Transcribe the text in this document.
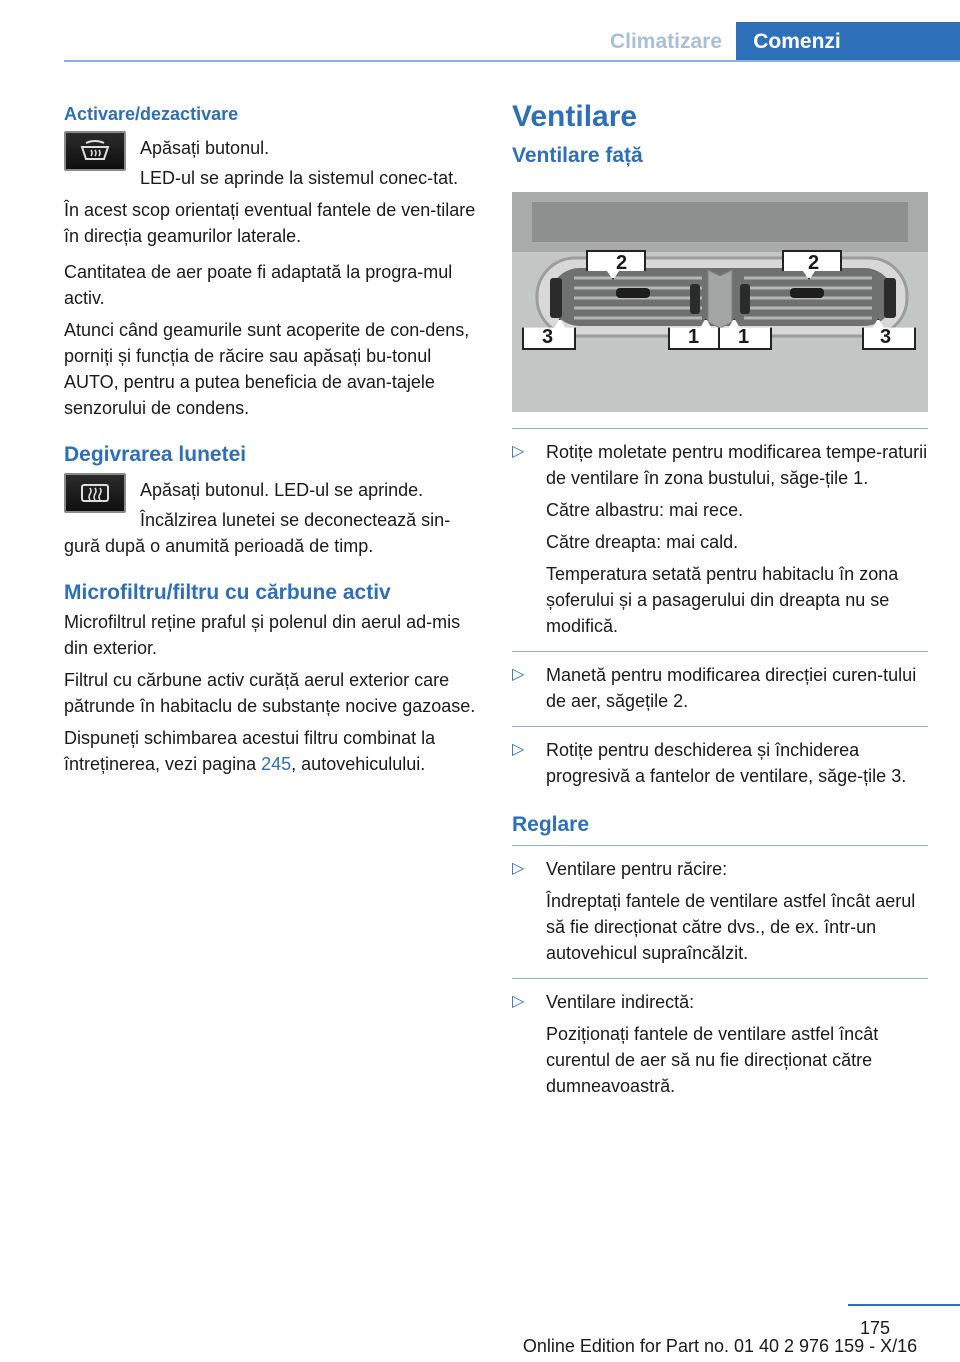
Climatizare	Comenzi
Activare/dezactivare

Apăsați butonul.

LED-ul se aprinde la sistemul conec-tat.

În acest scop orientați eventual fantele de ven-tilare în direcția geamurilor laterale.

Cantitatea de aer poate fi adaptată la progra-mul activ.

Atunci când geamurile sunt acoperite de con-dens, porniți și funcția de răcire sau apăsați bu-tonul AUTO, pentru a putea beneficia de avan-tajele senzorului de condens.

Degivrarea lunetei

Apăsați butonul. LED-ul se aprinde.

Încălzirea lunetei se deconectează sin-gură după o anumită perioadă de timp.

Microfiltru/filtru cu cărbune activ

Microfiltrul reține praful și polenul din aerul ad-mis din exterior.

Filtrul cu cărbune activ curăță aerul exterior care pătrunde în habitaclu de substanțe nocive gazoase.

Dispuneți schimbarea acestui filtru combinat la întreținerea, vezi pagina 245, autovehiculului.

Ventilare
Ventilare față
2	2
3	1 1	3
▷ Rotițe moletate pentru modificarea tempe-raturii de ventilare în zona bustului, săge-țile 1.

Către albastru: mai rece.

Către dreapta: mai cald.

Temperatura setată pentru habitaclu în zona șoferului și a pasagerului din dreapta nu se modifică.

▷ Manetă pentru modificarea direcției curen-tului de aer, săgețile 2.

▷ Rotițe pentru deschiderea și închiderea progresivă a fantelor de ventilare, săge-țile 3.

Reglare
▷ Ventilare pentru răcire:

Îndreptați fantele de ventilare astfel încât aerul să fie direcționat către dvs., de ex. într-un autovehicul supraîncălzit.

▷ Ventilare indirectă:

Poziționați fantele de ventilare astfel încât curentul de aer să nu fie direcționat către dumneavoastră.

175
Online Edition for Part no. 01 40 2 976 159 - X/16
